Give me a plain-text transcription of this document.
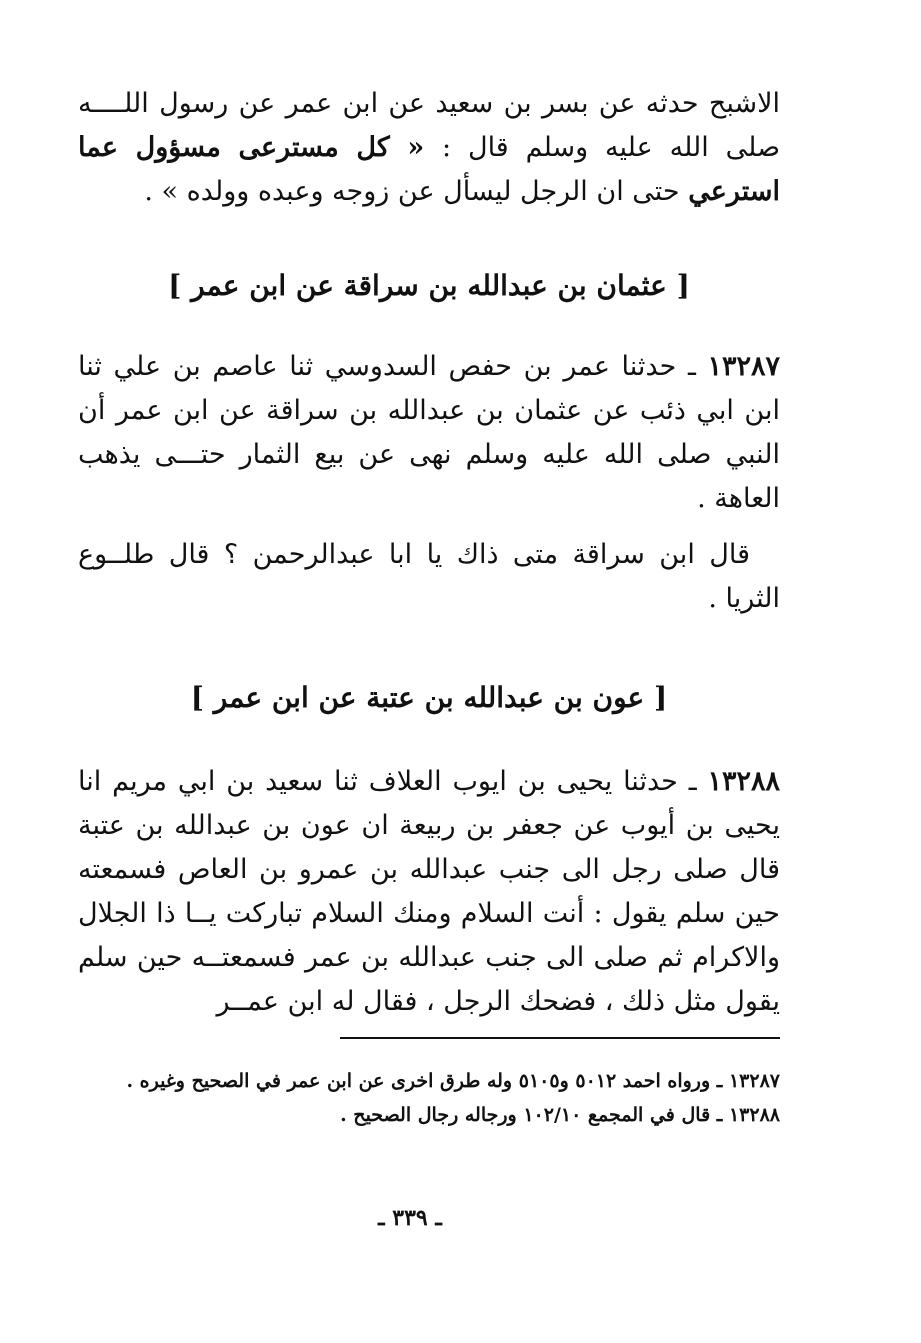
الاشبح حدثه عن بسر بن سعيد عن ابن عمر عن رسول اللــــه صلى الله عليه وسلم قال : « كل مسترعى مسؤول عما استرعي حتى ان الرجل ليسأل عن زوجه وعبده وولده » .

[ عثمان بن عبدالله بن سراقة عن ابن عمر ]

١٣٢٨٧ ـ حدثنا عمر بن حفص السدوسي ثنا عاصم بن علي ثنا ابن ابي ذئب عن عثمان بن عبدالله بن سراقة عن ابن عمر أن النبي صلى الله عليه وسلم نهى عن بيع الثمار حتـــى يذهب العاهة .

قال ابن سراقة متى ذاك يا ابا عبدالرحمن ؟ قال طلــوع الثريا .

[ عون بن عبدالله بن عتبة عن ابن عمر ]

١٣٢٨٨ ـ حدثنا يحيى بن ايوب العلاف ثنا سعيد بن ابي مريم انا يحيى بن أيوب عن جعفر بن ربيعة ان عون بن عبدالله بن عتبة قال صلى رجل الى جنب عبدالله بن عمرو بن العاص فسمعته حين سلم يقول : أنت السلام ومنك السلام تباركت يــا ذا الجلال والاكرام ثم صلى الى جنب عبدالله بن عمر فسمعتــه حين سلم يقول مثل ذلك ، فضحك الرجل ، فقال له ابن عمــر

١٣٢٨٧ ـ ورواه احمد ٥٠١٢ و٥١٠٥ وله طرق اخرى عن ابن عمر في الصحيح وغيره .

١٣٢٨٨ ـ قال في المجمع ١٠٢/١٠ ورجاله رجال الصحيح .

ـ ٣٣٩ ـ
